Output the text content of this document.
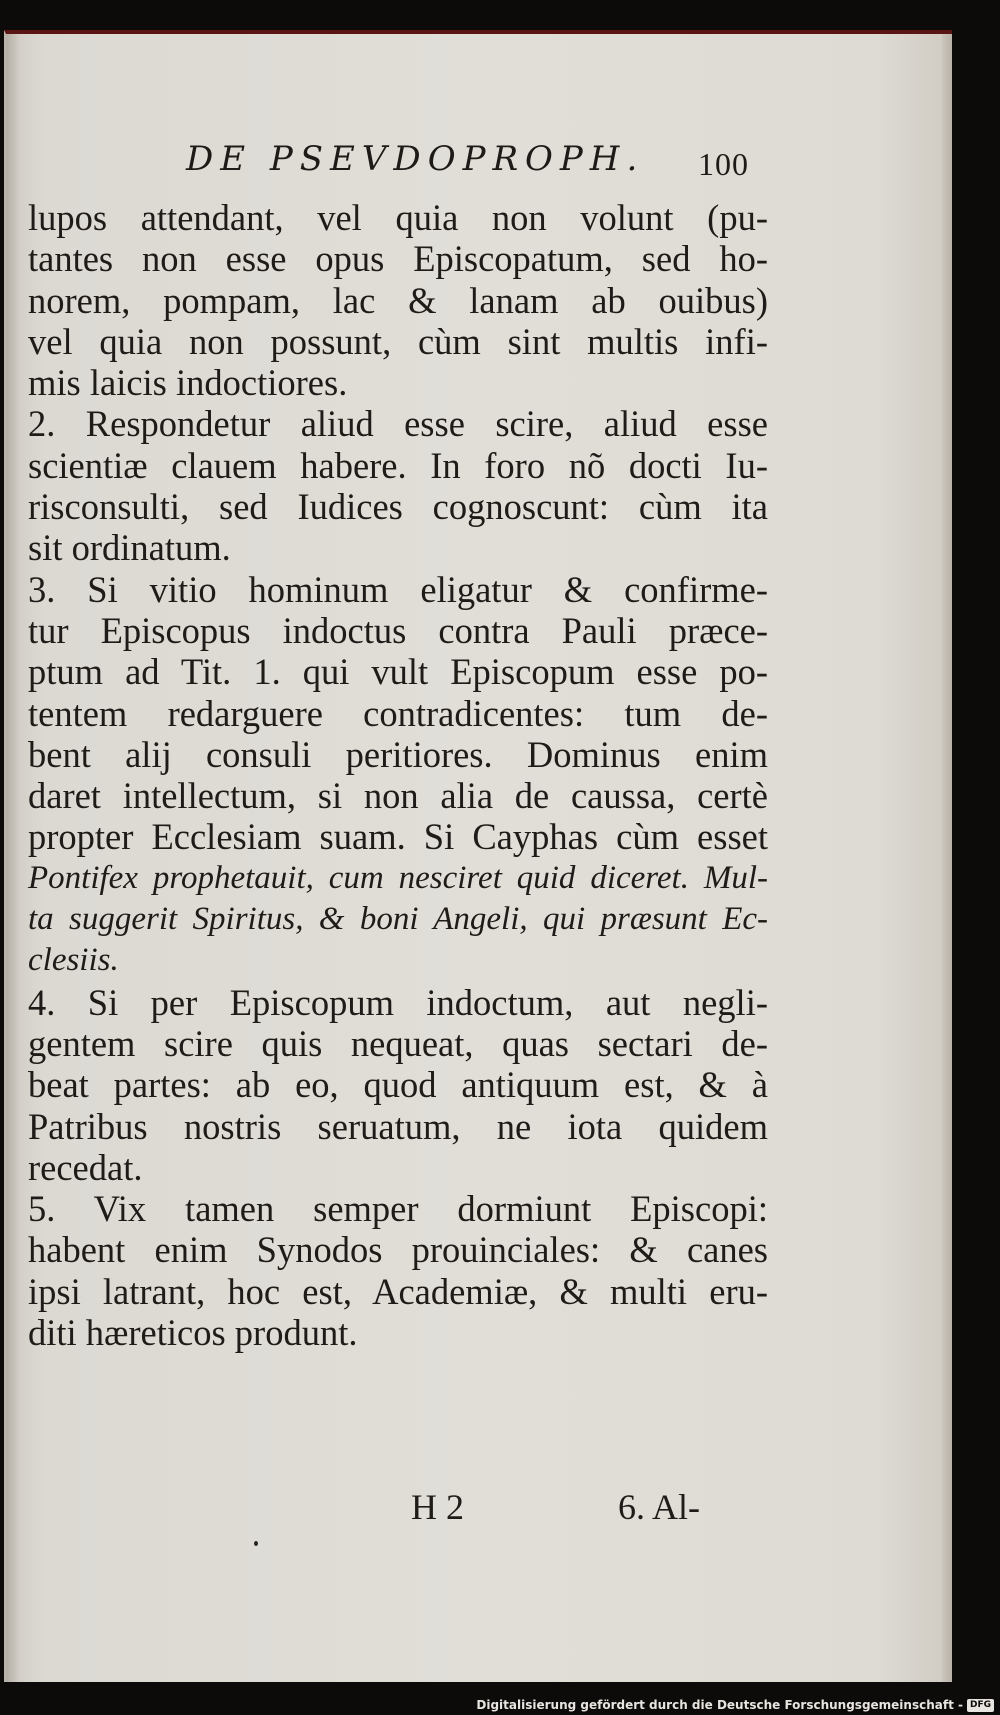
DE PSEVDOPROPH. 100
lupos attendant, vel quia non volunt (pu-
tantes non esse opus Episcopatum, sed ho-
norem, pompam, lac & lanam ab ouibus)
vel quia non possunt, cùm sint multis infi-
mis laicis indoctiores.
2. Respondetur aliud esse scire, aliud esse
scientiæ clauem habere. In foro nõ docti Iu-
risconsulti, sed Iudices cognoscunt: cùm ita
sit ordinatum.
3. Si vitio hominum eligatur & confirme-
tur Episcopus indoctus contra Pauli præce-
ptum ad Tit. 1. qui vult Episcopum esse po-
tentem redarguere contradicentes: tum de-
bent alij consuli peritiores. Dominus enim
daret intellectum, si non alia de caussa, certè
propter Ecclesiam suam. Si Cayphas cùm esset
Pontifex prophetauit, cum nesciret quid diceret. Mul-
ta suggerit Spiritus, & boni Angeli, qui præsunt Ec-
clesiis.
4. Si per Episcopum indoctum, aut negli-
gentem scire quis nequeat, quas sectari de-
beat partes: ab eo, quod antiquum est, & à
Patribus nostris seruatum, ne iota quidem
recedat.
5. Vix tamen semper dormiunt Episcopi:
habent enim Synodos prouinciales: & canes
ipsi latrant, hoc est, Academiæ, & multi eru-
diti hæreticos produnt.
H 2	6. Al-
Digitalisierung gefördert durch die Deutsche Forschungsgemeinschaft - DFG
